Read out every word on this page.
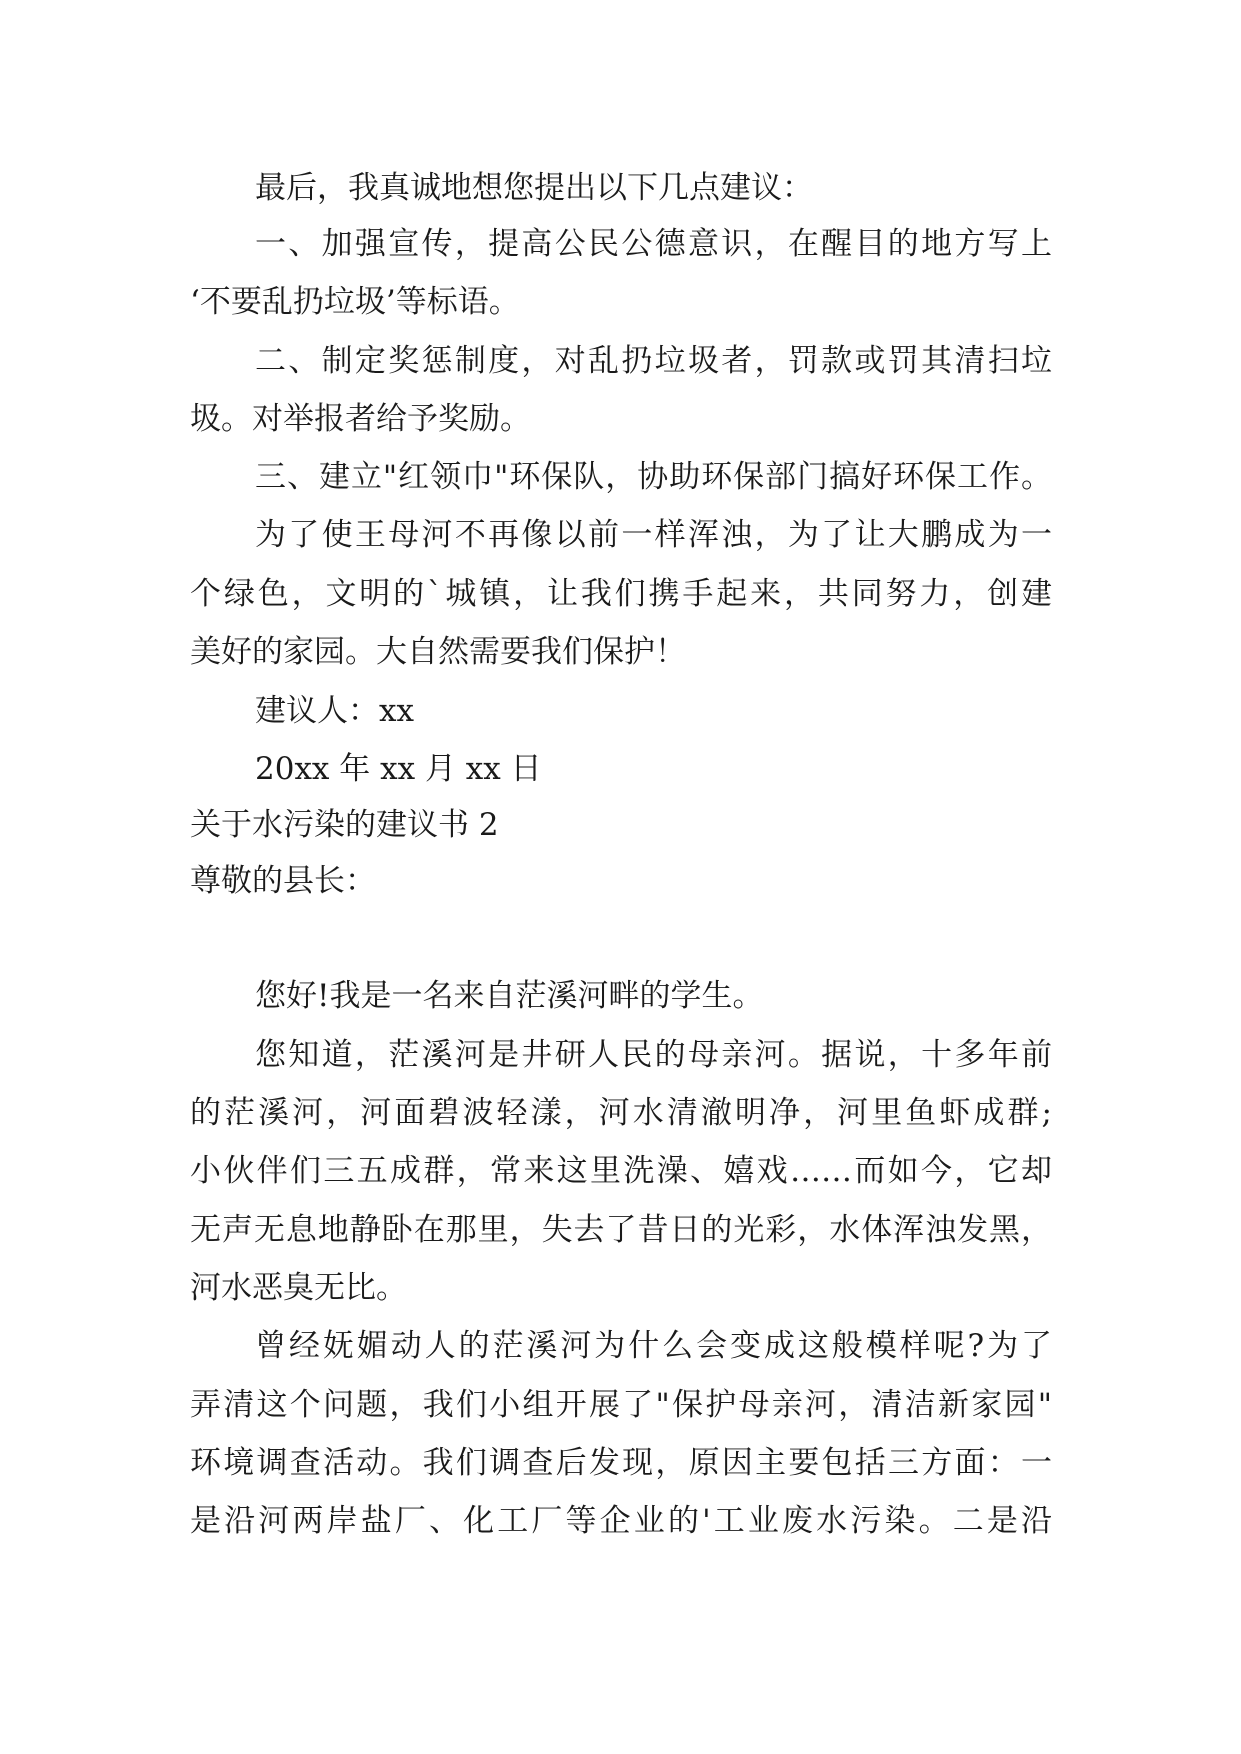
最后，我真诚地想您提出以下几点建议：
一、加强宣传，提高公民公德意识，在醒目的地方写上
‘不要乱扔垃圾’等标语。
二、制定奖惩制度，对乱扔垃圾者，罚款或罚其清扫垃
圾。对举报者给予奖励。
三、建立"红领巾"环保队，协助环保部门搞好环保工作。
为了使王母河不再像以前一样浑浊，为了让大鹏成为一
个绿色，文明的`城镇，让我们携手起来，共同努力，创建
美好的家园。大自然需要我们保护！
建议人：xx
20xx 年 xx 月 xx 日
关于水污染的建议书 2
尊敬的县长：
您好!我是一名来自茫溪河畔的学生。
您知道，茫溪河是井研人民的母亲河。据说，十多年前
的茫溪河，河面碧波轻漾，河水清澈明净，河里鱼虾成群;
小伙伴们三五成群，常来这里洗澡、嬉戏……而如今，它却
无声无息地静卧在那里，失去了昔日的光彩，水体浑浊发黑，
河水恶臭无比。
曾经妩媚动人的茫溪河为什么会变成这般模样呢?为了
弄清这个问题，我们小组开展了"保护母亲河，清洁新家园"
环境调查活动。我们调查后发现，原因主要包括三方面：一
是沿河两岸盐厂、化工厂等企业的'工业废水污染。二是沿
